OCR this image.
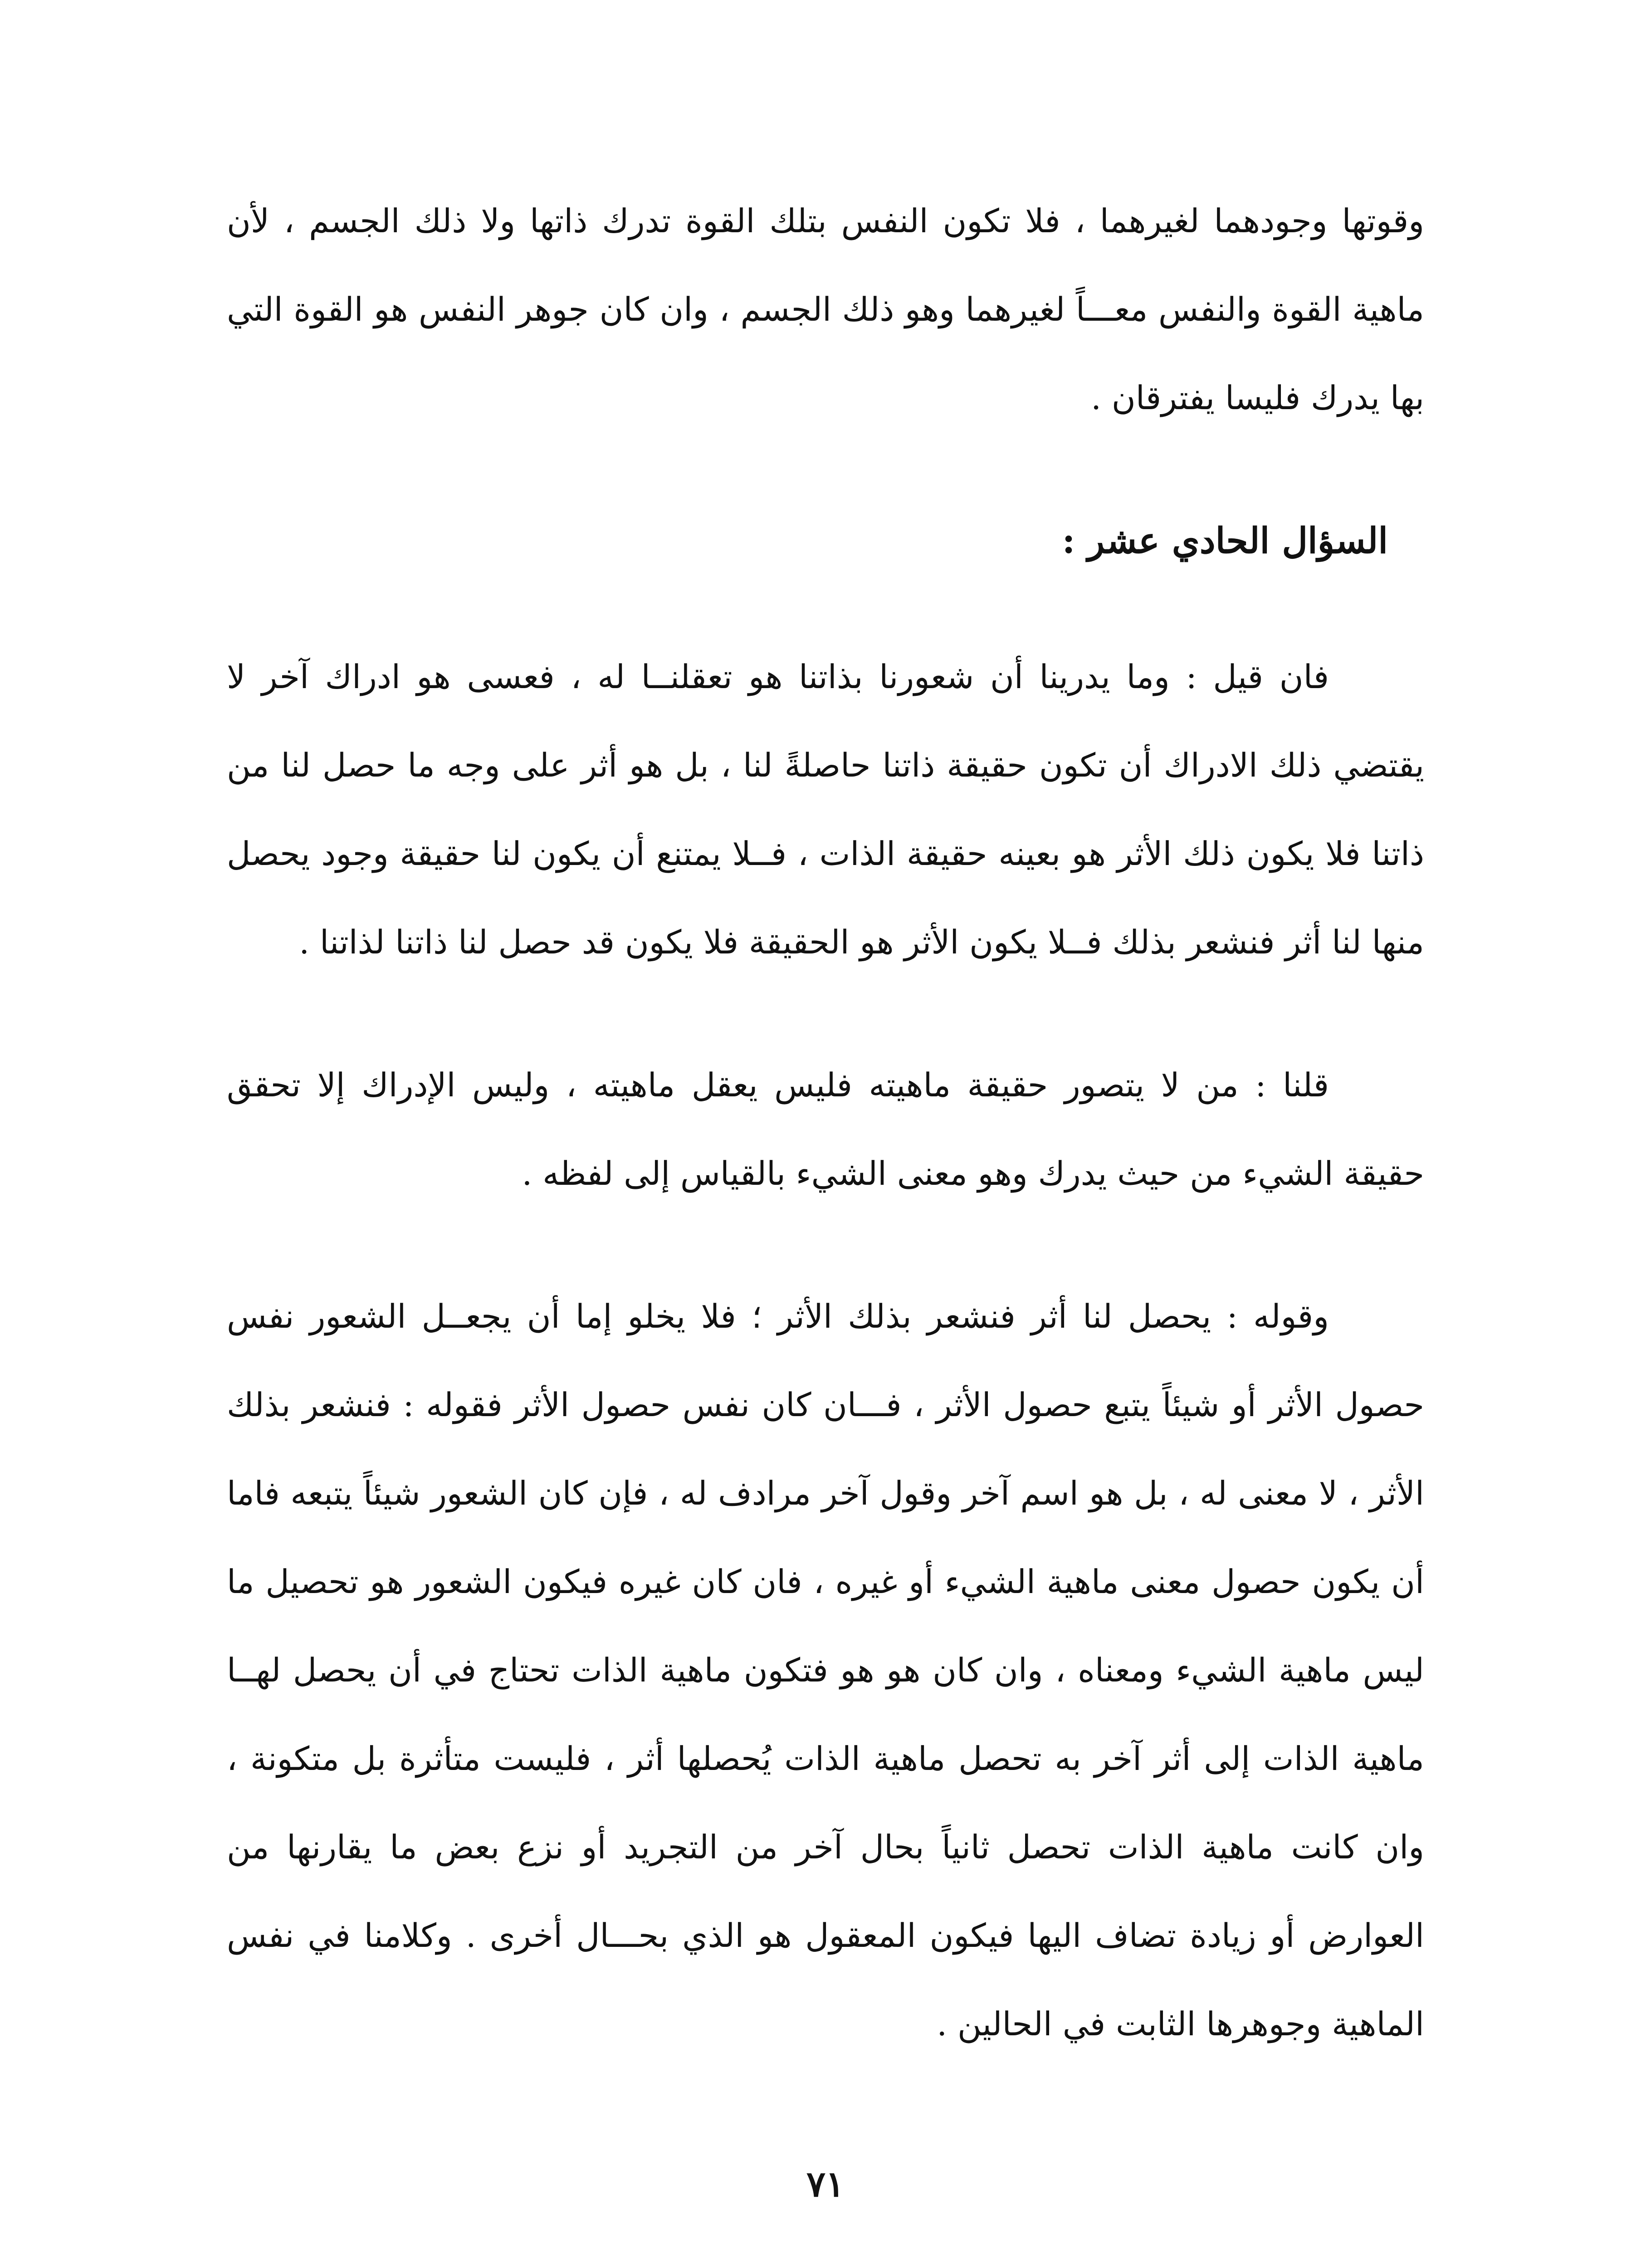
وقوتها وجودهما لغيرهما ، فلا تكون النفس بتلك القوة تدرك ذاتها ولا ذلك الجسم ، لأن ماهية القوة والنفس معـــاً لغيرهما وهو ذلك الجسم ، وان كان جوهر النفس هو القوة التي بها يدرك فليسا يفترقان .

السؤال الحادي عشر :

فان قيل : وما يدرينا أن شعورنا بذاتنا هو تعقلنــا له ، فعسى هو ادراك آخر لا يقتضي ذلك الادراك أن تكون حقيقة ذاتنا حاصلةً لنا ، بل هو أثر على وجه ما حصل لنا من ذاتنا فلا يكون ذلك الأثر هو بعينه حقيقة الذات ، فــلا يمتنع أن يكون لنا حقيقة وجود يحصل منها لنا أثر فنشعر بذلك فــلا يكون الأثر هو الحقيقة فلا يكون قد حصل لنا ذاتنا لذاتنا .

قلنا : من لا يتصور حقيقة ماهيته فليس يعقل ماهيته ، وليس الإدراك إلا تحقق حقيقة الشيء من حيث يدرك وهو معنى الشيء بالقياس إلى لفظه .

وقوله : يحصل لنا أثر فنشعر بذلك الأثر ؛ فلا يخلو إما أن يجعــل الشعور نفس حصول الأثر أو شيئاً يتبع حصول الأثر ، فـــان كان نفس حصول الأثر فقوله : فنشعر بذلك الأثر ، لا معنى له ، بل هو اسم آخر وقول آخر مرادف له ، فإن كان الشعور شيئاً يتبعه فاما أن يكون حصول معنى ماهية الشيء أو غيره ، فان كان غيره فيكون الشعور هو تحصيل ما ليس ماهية الشيء ومعناه ، وان كان هو هو فتكون ماهية الذات تحتاج في أن يحصل لهــا ماهية الذات إلى أثر آخر به تحصل ماهية الذات يُحصلها أثر ، فليست متأثرة بل متكونة ، وان كانت ماهية الذات تحصل ثانياً بحال آخر من التجريد أو نزع بعض ما يقارنها من العوارض أو زيادة تضاف اليها فيكون المعقول هو الذي بحـــال أخرى . وكلامنا في نفس الماهية وجوهرها الثابت في الحالين .

٧١
